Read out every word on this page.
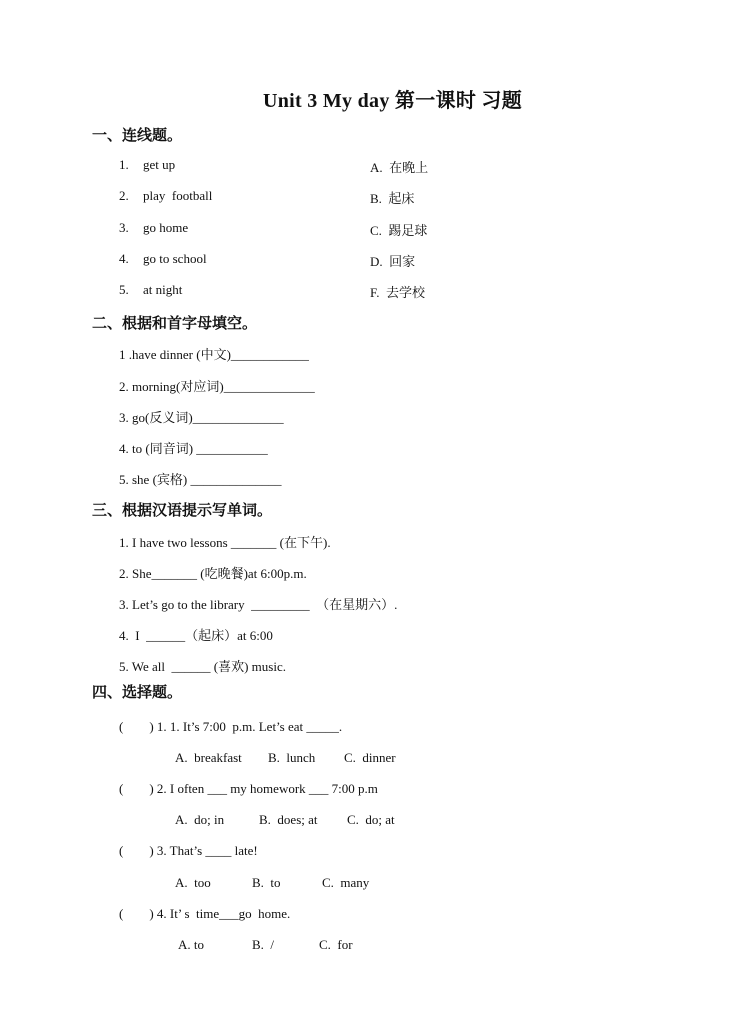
Unit 3 My day 第一课时 习题
一、连线题。
1. get up
2. play  football
3. go home
4. go to school
5. at night
A.  在晚上
B.  起床
C.  踢足球
D.  回家
F.  去学校
二、根据和首字母填空。
1 .have dinner (中文)____________
2. morning(对应词)______________
3. go(反义词)______________
4. to (同音词) ___________
5. she (宾格) ______________
三、根据汉语提示写单词。
1. I have two lessons _______ (在下午).
2. She_______ (吃晚餐)at 6:00p.m.
3. Let’s go to the library  _________  （在星期六）.
4.  I  ______（起床）at 6:00
5. We all  ______ (喜欢) music.
四、选择题。
(        ) 1. 1. It’s 7:00  p.m. Let’s eat _____.
A.  breakfast B.  lunch C.  dinner
(        ) 2. I often ___ my homework ___ 7:00 p.m
A.  do; in	B.  does; at C.  do; at
(        ) 3. That’s ____ late!
A.  too	B.  to	C.  many
(        ) 4. It’ s  time___go  home.
A. to	B.  /	C.  for
